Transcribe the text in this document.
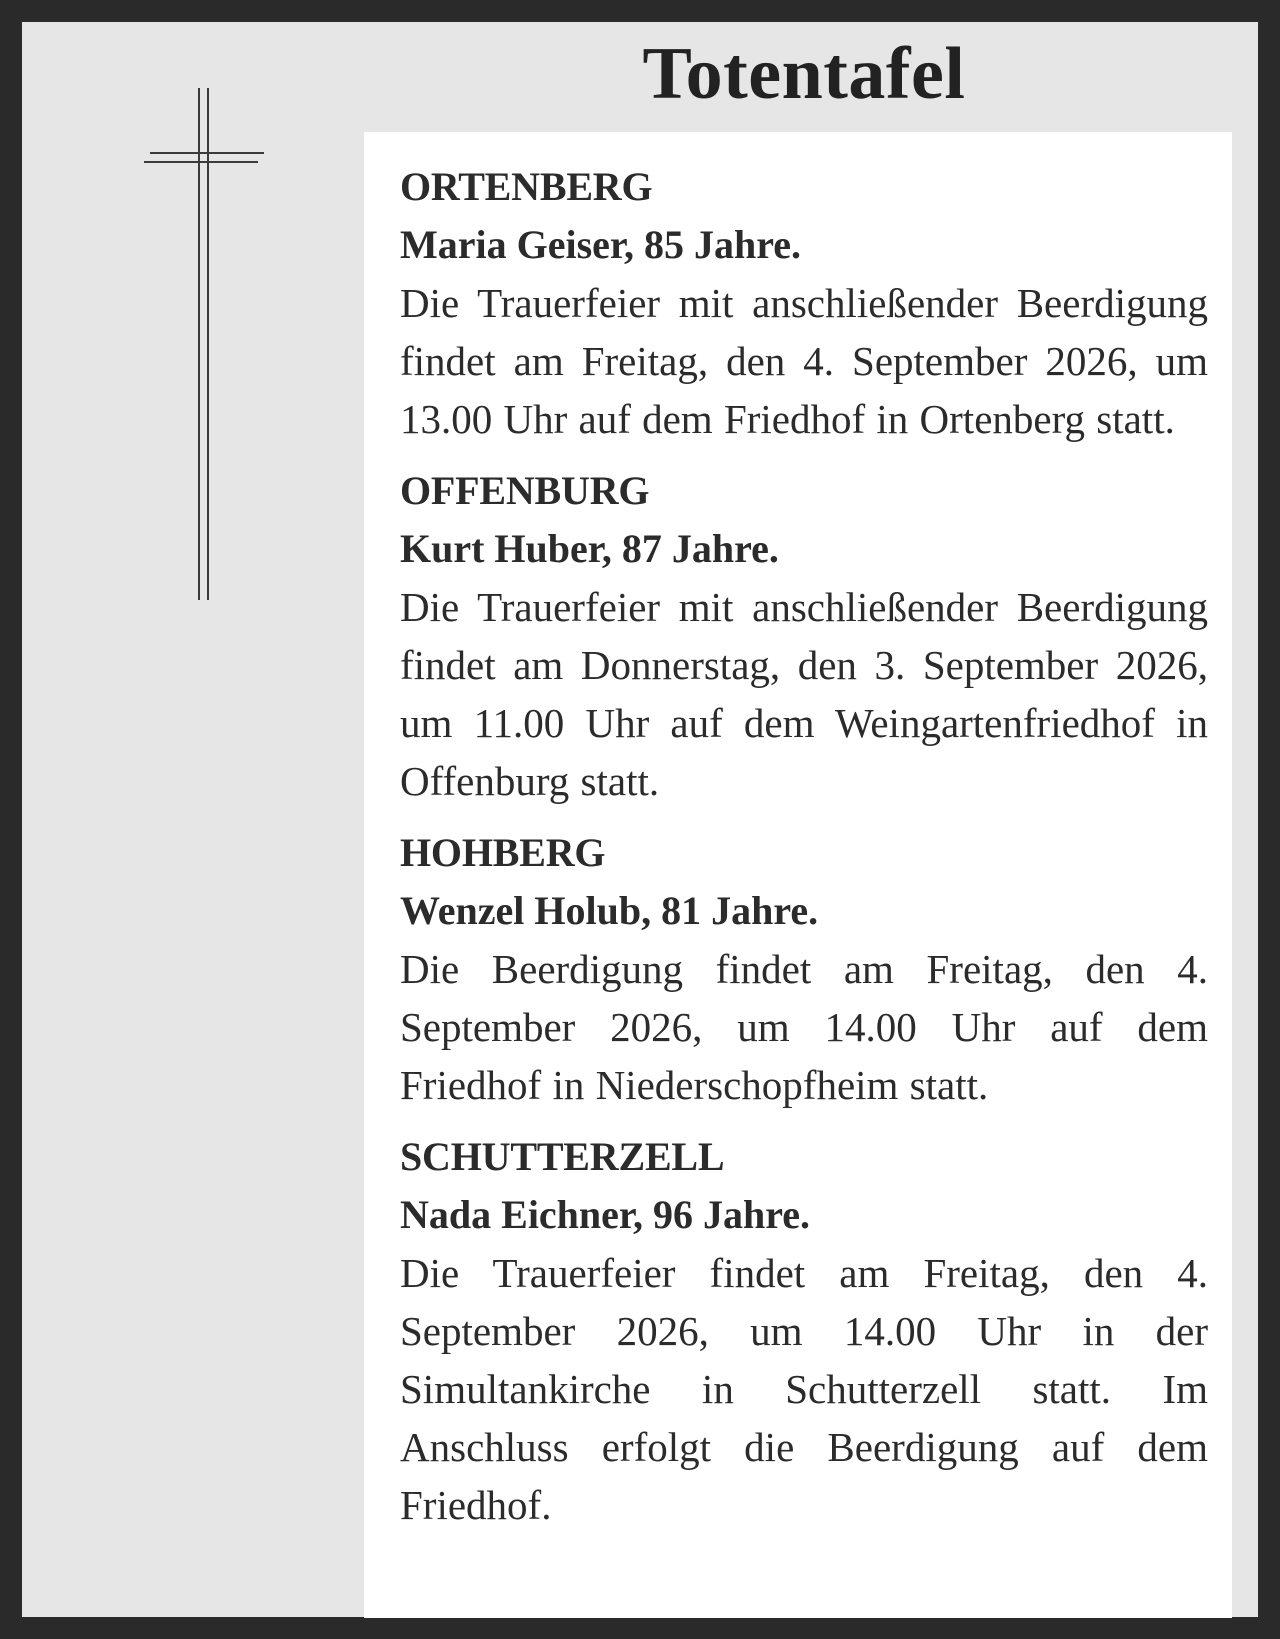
Totentafel
ORTENBERG
Maria Geiser, 85 Jahre.
Die Trauerfeier mit anschließender Beerdigung findet am Freitag, den 4. September 2026, um 13.00 Uhr auf dem Friedhof in Ortenberg statt.
OFFENBURG
Kurt Huber, 87 Jahre.
Die Trauerfeier mit anschließender Beerdigung findet am Donnerstag, den 3. September 2026, um 11.00 Uhr auf dem Weingartenfriedhof in Offenburg statt.
HOHBERG
Wenzel Holub, 81 Jahre.
Die Beerdigung findet am Freitag, den 4. September 2026, um 14.00 Uhr auf dem Friedhof in Niederschopfheim statt.
SCHUTTERZELL
Nada Eichner, 96 Jahre.
Die Trauerfeier findet am Freitag, den 4. September 2026, um 14.00 Uhr in der Simultankirche in Schutterzell statt. Im Anschluss erfolgt die Beerdigung auf dem Friedhof.
